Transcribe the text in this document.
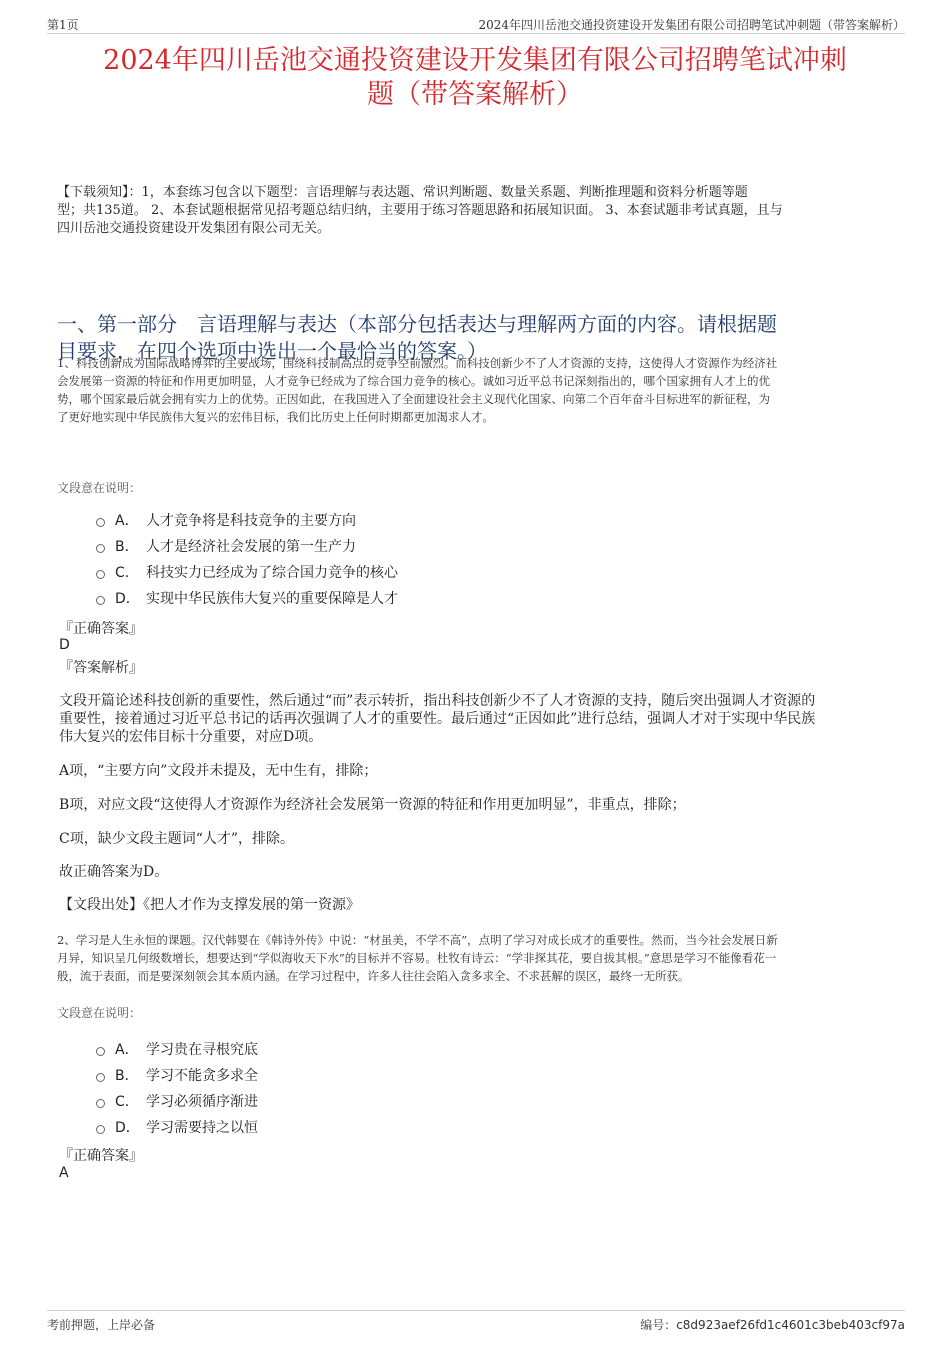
第1页	2024年四川岳池交通投资建设开发集团有限公司招聘笔试冲刺题（带答案解析）
2024年四川岳池交通投资建设开发集团有限公司招聘笔试冲刺
题（带答案解析）
【下载须知】：1，本套练习包含以下题型：言语理解与表达题、常识判断题、数量关系题、判断推理题和资料分析题等题
型；共135道。 2、本套试题根据常见招考题总结归纳，主要用于练习答题思路和拓展知识面。 3、本套试题非考试真题，且与
四川岳池交通投资建设开发集团有限公司无关。
一、第一部分　言语理解与表达（本部分包括表达与理解两方面的内容。请根据题
目要求，在四个选项中选出一个最恰当的答案。）
1、科技创新成为国际战略博弈的主要战场，围绕科技制高点的竞争空前激烈。而科技创新少不了人才资源的支持，这使得人才资源作为经济社
会发展第一资源的特征和作用更加明显，人才竞争已经成为了综合国力竞争的核心。诚如习近平总书记深刻指出的，哪个国家拥有人才上的优
势，哪个国家最后就会拥有实力上的优势。正因如此，在我国进入了全面建设社会主义现代化国家、向第二个百年奋斗目标进军的新征程，为
了更好地实现中华民族伟大复兴的宏伟目标，我们比历史上任何时期都更加渴求人才。
文段意在说明：
A． 人才竞争将是科技竞争的主要方向
B． 人才是经济社会发展的第一生产力
C． 科技实力已经成为了综合国力竞争的核心
D． 实现中华民族伟大复兴的重要保障是人才
『正确答案』
D
『答案解析』
文段开篇论述科技创新的重要性，然后通过“而”表示转折，指出科技创新少不了人才资源的支持，随后突出强调人才资源的
重要性，接着通过习近平总书记的话再次强调了人才的重要性。最后通过“正因如此”进行总结，强调人才对于实现中华民族
伟大复兴的宏伟目标十分重要，对应D项。
A项，“主要方向”文段并未提及，无中生有，排除；
B项，对应文段“这使得人才资源作为经济社会发展第一资源的特征和作用更加明显”，非重点，排除；
C项，缺少文段主题词“人才”，排除。
故正确答案为D。
【文段出处】《把人才作为支撑发展的第一资源》
2、学习是人生永恒的课题。汉代韩婴在《韩诗外传》中说：“材虽美，不学不高”，点明了学习对成长成才的重要性。然而，当今社会发展日新
月异，知识呈几何级数增长，想要达到“学似海收天下水”的目标并不容易。杜牧有诗云：“学非探其花，要自拔其根。”意思是学习不能像看花一
般，流于表面，而是要深刻领会其本质内涵。在学习过程中，许多人往往会陷入贪多求全、不求甚解的误区，最终一无所获。
文段意在说明：
A． 学习贵在寻根究底
B． 学习不能贪多求全
C． 学习必须循序渐进
D． 学习需要持之以恒
『正确答案』
A
考前押题，上岸必备	编号：c8d923aef26fd1c4601c3beb403cf97a
